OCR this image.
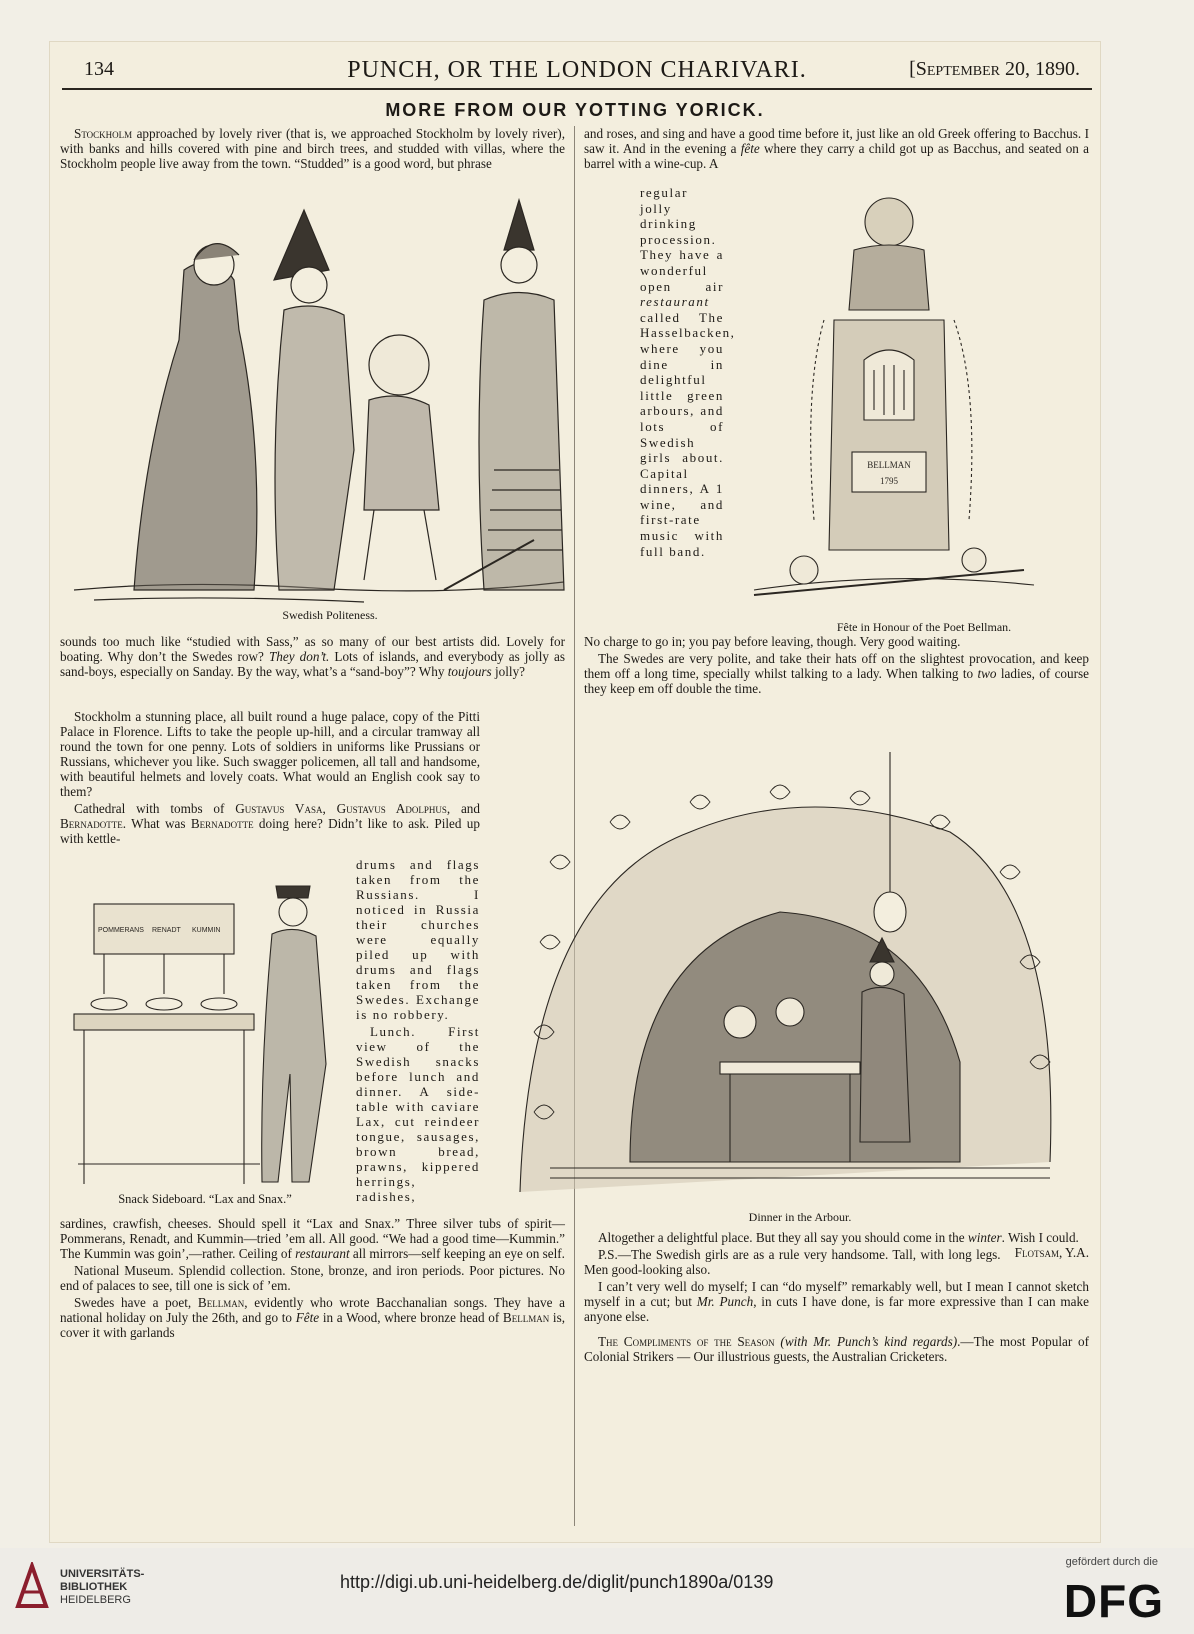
134	PUNCH, OR THE LONDON CHARIVARI.	[September 20, 1890.
MORE FROM OUR YOTTING YORICK.

Stockholm approached by lovely river (that is, we approached Stockholm by lovely river), with banks and hills covered with pine and birch trees, and studded with villas, where the Stockholm people live away from the town. “Studded” is a good word, but phrase

Swedish Politeness.

sounds too much like “studied with Sass,” as so many of our best artists did. Lovely for boating. Why don’t the Swedes row? They don’t. Lots of islands, and everybody as jolly as sand-boys, especially on Sanday. By the way, what’s a “sand-boy”? Why toujours jolly?

Stockholm a stunning place, all built round a huge palace, copy of the Pitti Palace in Florence. Lifts to take the people up-hill, and a circular tramway all round the town for one penny. Lots of soldiers in uniforms like Prussians or Russians, whichever you like. Such swagger policemen, all tall and handsome, with beautiful helmets and lovely coats. What would an English cook say to them?

Cathedral with tombs of Gustavus Vasa, Gustavus Adolphus, and Bernadotte. What was Bernadotte doing here? Didn’t like to ask. Piled up with kettle-

POMMERANS RENADT KUMMIN
Snack Sideboard. “Lax and Snax.”
drums and flags taken from the Russians. I noticed in Russia their churches were equally piled up with drums and flags taken from the Swedes. Exchange is no robbery.
Lunch. First view of the Swedish snacks before lunch and dinner. A side-table with caviare Lax, cut reindeer tongue, sausages, brown bread, prawns, kippered herrings, radishes,

sardines, crawfish, cheeses. Should spell it “Lax and Snax.” Three silver tubs of spirit—Pommerans, Renadt, and Kummin—tried ’em all. All good. “We had a good time—Kummin.” The Kummin was goin’,—rather. Ceiling of restaurant all mirrors—self keeping an eye on self.

National Museum. Splendid collection. Stone, bronze, and iron periods. Poor pictures. No end of palaces to see, till one is sick of ’em.

Swedes have a poet, Bellman, evidently who wrote Bacchanalian songs. They have a national holiday on July the 26th, and go to Fête in a Wood, where bronze head of Bellman is, cover it with garlands

and roses, and sing and have a good time before it, just like an old Greek offering to Bacchus. I saw it. And in the evening a fête where they carry a child got up as Bacchus, and seated on a barrel with a wine-cup. A

regular jolly drinking procession. They have a wonderful open air restaurant called The Hasselbacken, where you dine in delightful little green arbours, and lots of Swedish girls about. Capital dinners, A 1 wine, and first-rate music with full band.
BELLMAN
1795
Fête in Honour of the Poet Bellman.

No charge to go in; you pay before leaving, though. Very good waiting.

The Swedes are very polite, and take their hats off on the slightest provocation, and keep them off a long time, specially whilst talking to a lady. When talking to two ladies, of course they keep em off double the time.

Dinner in the Arbour.

Altogether a delightful place. But they all say you should come in the winter. Wish I could.
Flotsam, Y.A.

P.S.—The Swedish girls are as a rule very handsome. Tall, with long legs. Men good-looking also.

I can’t very well do myself; I can “do myself” remarkably well, but I mean I cannot sketch myself in a cut; but Mr. Punch, in cuts I have done, is far more expressive than I can make anyone else.

The Compliments of the Season (with Mr. Punch’s kind regards).—The most Popular of Colonial Strikers — Our illustrious guests, the Australian Cricketers.

UNIVERSITÄTS-
BIBLIOTHEK
HEIDELBERG
http://digi.ub.uni-heidelberg.de/diglit/punch1890a/0139
gefördert durch die
DFG
